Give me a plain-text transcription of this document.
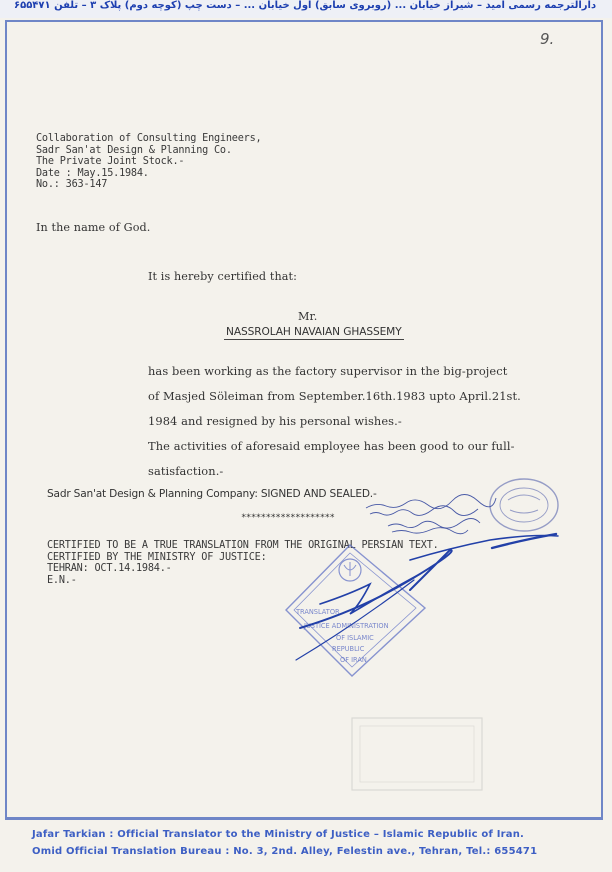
دارالترجمه رسمی امید – شیراز خیابان ... (روبروی سابق) اول خیابان ... – دست چپ (کوچه دوم) پلاک ۳ – تلفن ۶۵۵۴۷۱
9.
Collaboration of Consulting Engineers,
Sadr San'at Design & Planning Co.
The Private Joint Stock.-
Date : May.15.1984.
No.: 363-147
In the name of God.
It is hereby certified that:
Mr.
NASSROLAH NAVAIAN GHASSEMY
has been working as the factory supervisor in the big-project
of Masjed Söleiman from September.16th.1983 upto April.21st.
1984 and resigned by his personal wishes.-
The activities of aforesaid employee has been good to our full-
satisfaction.-
Sadr San'at Design & Planning Company: SIGNED AND SEALED.-
*******************
CERTIFIED TO BE A TRUE TRANSLATION FROM THE ORIGINAL PERSIAN TEXT.
CERTIFIED BY THE MINISTRY OF JUSTICE:
TEHRAN: OCT.14.1984.-
E.N.-
TRANSLATOR
JUSTICE ADMINISTRATION
OF ISLAMIC
REPUBLIC
OF IRAN
Jafar Tarkian : Official Translator to the Ministry of Justice – Islamic Republic of Iran.
Omid Official Translation Bureau : No. 3, 2nd. Alley, Felestin ave., Tehran, Tel.: 655471
